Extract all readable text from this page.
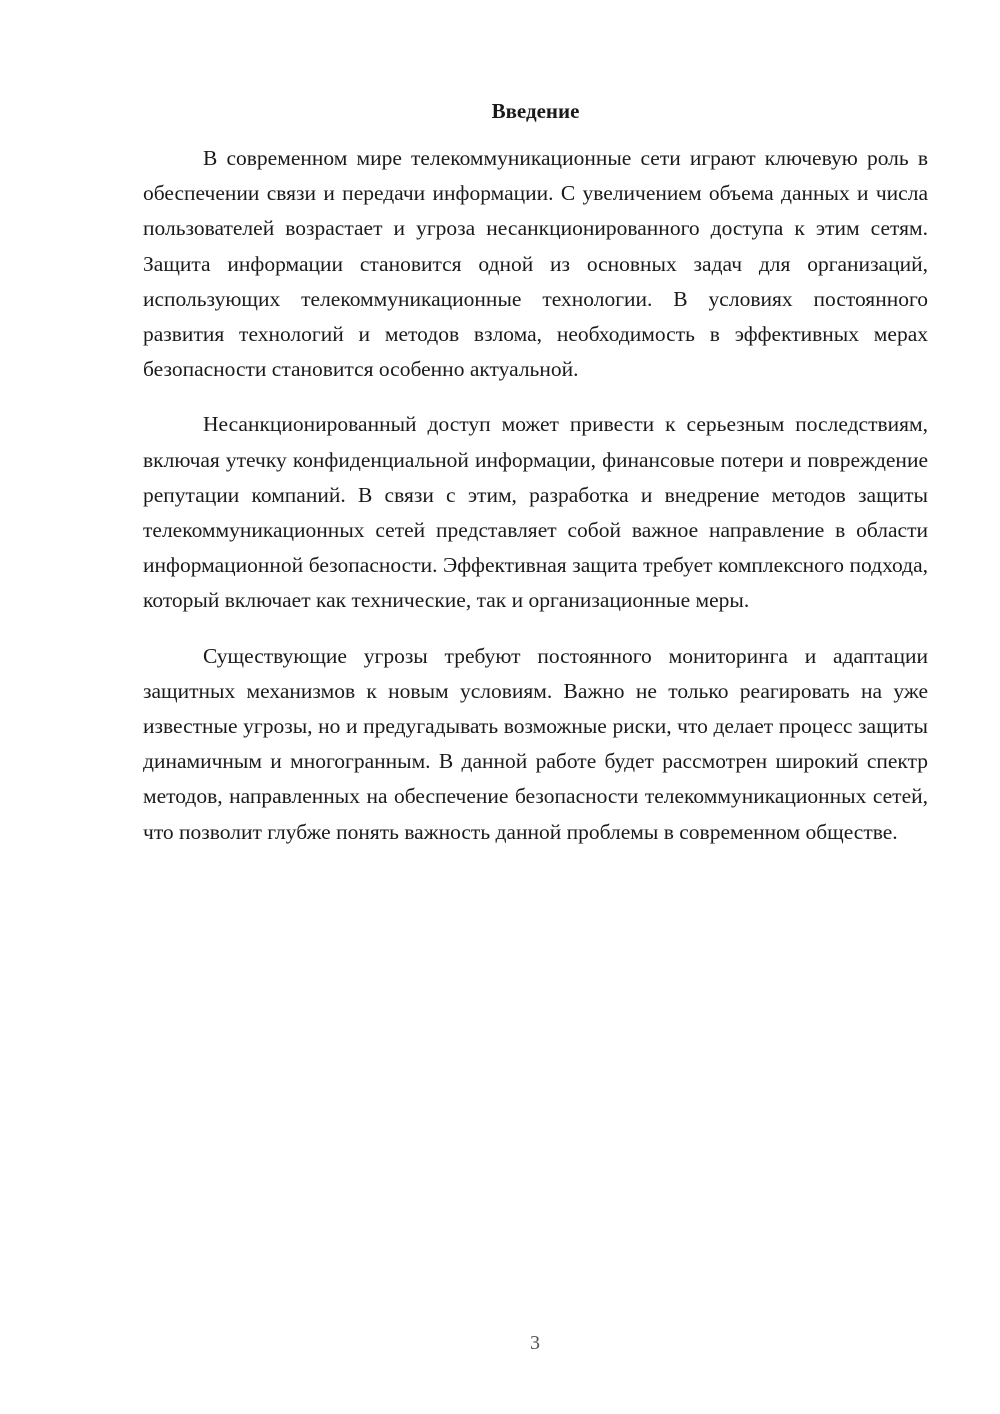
Введение

В современном мире телекоммуникационные сети играют ключевую роль в обеспечении связи и передачи информации. С увеличением объема данных и числа пользователей возрастает и угроза несанкционированного доступа к этим сетям. Защита информации становится одной из основных задач для организаций, использующих телекоммуникационные технологии. В условиях постоянного развития технологий и методов взлома, необходимость в эффективных мерах безопасности становится особенно актуальной.

Несанкционированный доступ может привести к серьезным последствиям, включая утечку конфиденциальной информации, финансовые потери и повреждение репутации компаний. В связи с этим, разработка и внедрение методов защиты телекоммуникационных сетей представляет собой важное направление в области информационной безопасности. Эффективная защита требует комплексного подхода, который включает как технические, так и организационные меры.

Существующие угрозы требуют постоянного мониторинга и адаптации защитных механизмов к новым условиям. Важно не только реагировать на уже известные угрозы, но и предугадывать возможные риски, что делает процесс защиты динамичным и многогранным. В данной работе будет рассмотрен широкий спектр методов, направленных на обеспечение безопасности телекоммуникационных сетей, что позволит глубже понять важность данной проблемы в современном обществе.

3
